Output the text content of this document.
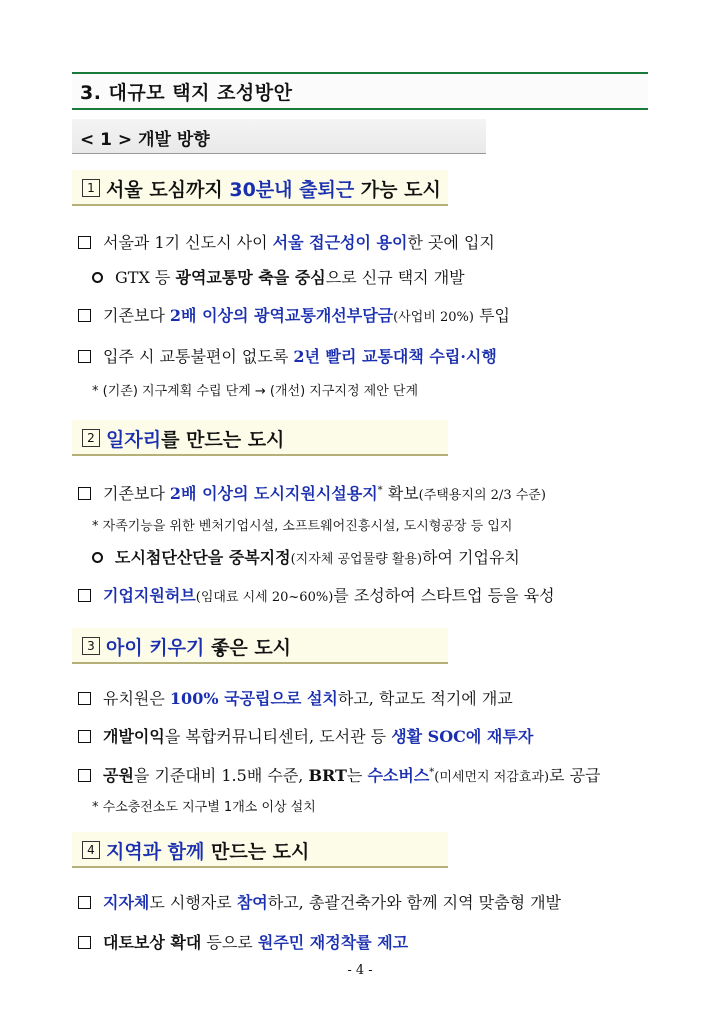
3. 대규모 택지 조성방안
< 1 > 개발 방향
1 서울 도심까지 30분내 출퇴근 가능 도시
서울과 1기 신도시 사이 서울 접근성이 용이한 곳에 입지
GTX 등 광역교통망 축을 중심으로 신규 택지 개발
기존보다 2배 이상의 광역교통개선부담금(사업비 20%) 투입
입주 시 교통불편이 없도록 2년 빨리 교통대책 수립·시행
* (기존) 지구계획 수립 단계 → (개선) 지구지정 제안 단계
2 일자리를 만드는 도시
기존보다 2배 이상의 도시지원시설용지* 확보(주택용지의 2/3 수준)
* 자족기능을 위한 벤처기업시설, 소프트웨어진흥시설, 도시형공장 등 입지
도시첨단산단을 중복지정(지자체 공업물량 활용)하여 기업유치
기업지원허브(임대료 시세 20~60%)를 조성하여 스타트업 등을 육성
3 아이 키우기 좋은 도시
유치원은 100% 국공립으로 설치하고, 학교도 적기에 개교
개발이익을 복합커뮤니티센터, 도서관 등 생활 SOC에 재투자
공원을 기준대비 1.5배 수준, BRT는 수소버스*(미세먼지 저감효과)로 공급
* 수소충전소도 지구별 1개소 이상 설치
4 지역과 함께 만드는 도시
지자체도 시행자로 참여하고, 총괄건축가와 함께 지역 맞춤형 개발
대토보상 확대 등으로 원주민 재정착률 제고
- 4 -
